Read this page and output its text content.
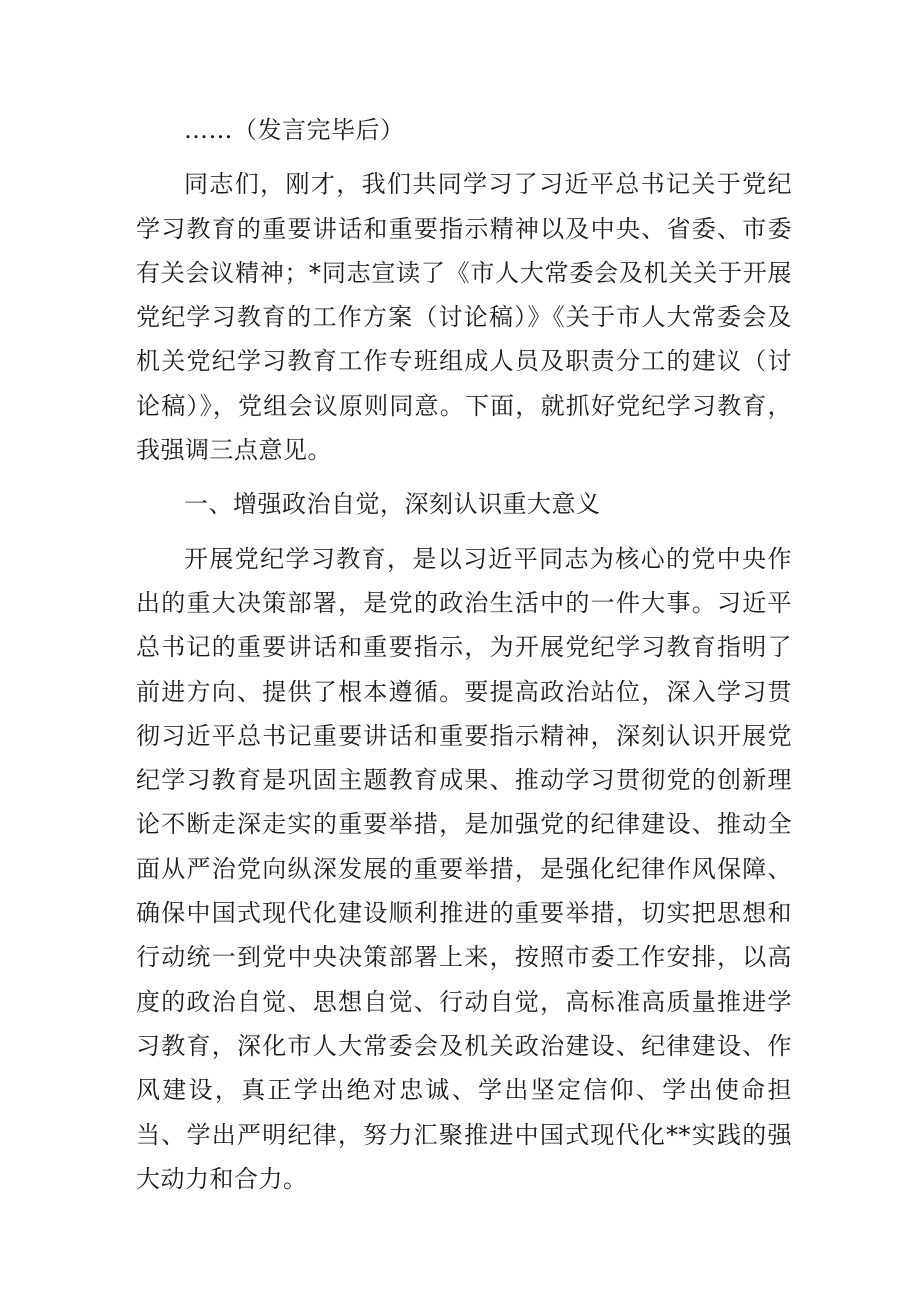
……（发言完毕后）

同志们，刚才，我们共同学习了习近平总书记关于党纪学习教育的重要讲话和重要指示精神以及中央、省委、市委有关会议精神；*同志宣读了《市人大常委会及机关关于开展党纪学习教育的工作方案（讨论稿）》《关于市人大常委会及机关党纪学习教育工作专班组成人员及职责分工的建议（讨论稿）》，党组会议原则同意。下面，就抓好党纪学习教育，我强调三点意见。

一、增强政治自觉，深刻认识重大意义

开展党纪学习教育，是以习近平同志为核心的党中央作出的重大决策部署，是党的政治生活中的一件大事。习近平总书记的重要讲话和重要指示，为开展党纪学习教育指明了前进方向、提供了根本遵循。要提高政治站位，深入学习贯彻习近平总书记重要讲话和重要指示精神，深刻认识开展党纪学习教育是巩固主题教育成果、推动学习贯彻党的创新理论不断走深走实的重要举措，是加强党的纪律建设、推动全面从严治党向纵深发展的重要举措，是强化纪律作风保障、确保中国式现代化建设顺利推进的重要举措，切实把思想和行动统一到党中央决策部署上来，按照市委工作安排，以高度的政治自觉、思想自觉、行动自觉，高标准高质量推进学习教育，深化市人大常委会及机关政治建设、纪律建设、作风建设，真正学出绝对忠诚、学出坚定信仰、学出使命担当、学出严明纪律，努力汇聚推进中国式现代化**实践的强大动力和合力。
